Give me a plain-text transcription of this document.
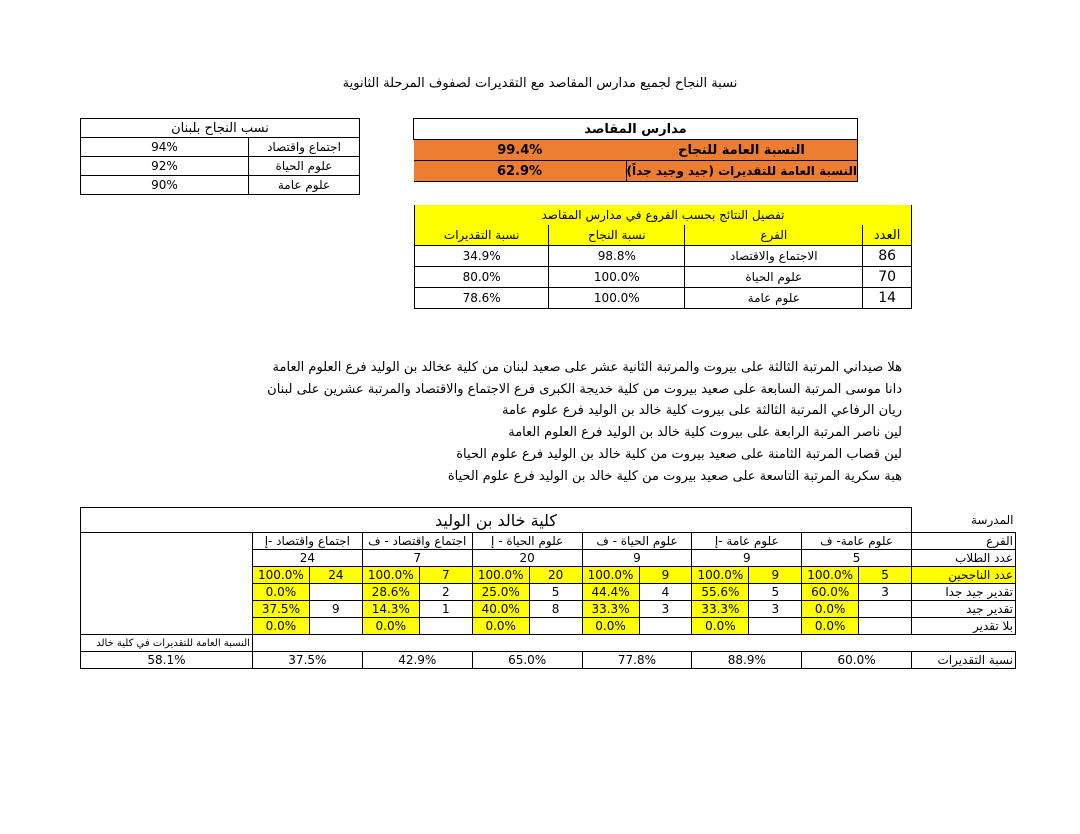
نسبة النجاح لجميع مدارس المقاصد مع التقديرات لصفوف المرحلة الثانوية
نسب النجاح بلبنان	
94%	اجتماع واقتصاد
92%	علوم الحياة
90%	علوم عامة
مدارس المقاصد	
99.4%	النسبة العامة للنجاح
62.9%	النسبة العامة للتقديرات (جيد وجيد جداً)
تفصيل النتائج بحسب الفروع في مدارس المقاصد			
نسبة التقديرات	نسبة النجاح	الفرع	العدد
34.9%	98.8%	الاجتماع والاقتصاد	86
80.0%	100.0%	علوم الحياة	70
78.6%	100.0%	علوم عامة	14
هلا صيداني المرتبة الثالثة على بيروت والمرتبة الثانية عشر على صعيد لبنان من كلية عخالد بن الوليد فرع العلوم العامة
دانا موسى المرتبة السابعة على صعيد بيروت من كلية خديجة الكبرى فرع الاجتماع والاقتصاد والمرتبة عشرين على لبنان
ريان الرفاعي المرتبة الثالثة على بيروت كلية خالد بن الوليد فرع علوم عامة
لين ناصر المرتبة الرابعة على بيروت كلية خالد بن الوليد فرع العلوم العامة
لين قصاب المرتبة الثامنة على صعيد بيروت من كلية خالد بن الوليد فرع علوم الحياة
هبة سكرية المرتبة التاسعة على صعيد بيروت من كلية خالد بن الوليد فرع علوم الحياة
كلية خالد بن الوليد													المدرسة
	اجتماع واقتصاد -إ		اجتماع واقتصاد - ف		علوم الحياة - إ		علوم الحياة - ف		علوم عامة -إ		علوم عامة- ف		الفرع
	24		7		20		9		9		5		عدد الطلاب
	100.0%	24	100.0%	7	100.0%	20	100.0%	9	100.0%	9	100.0%	5	عدد الناجحين
	0.0%		28.6%	2	25.0%	5	44.4%	4	55.6%	5	60.0%	3	تقدير جيد جدا
	37.5%	9	14.3%	1	40.0%	8	33.3%	3	33.3%	3	0.0%		تقدير جيد
	0.0%		0.0%		0.0%		0.0%		0.0%		0.0%		بلا تقدير
النسبة العامة للتقديرات في كلية خالد													
58.1%	37.5%		42.9%		65.0%		77.8%		88.9%		60.0%		نسبة التقديرات
